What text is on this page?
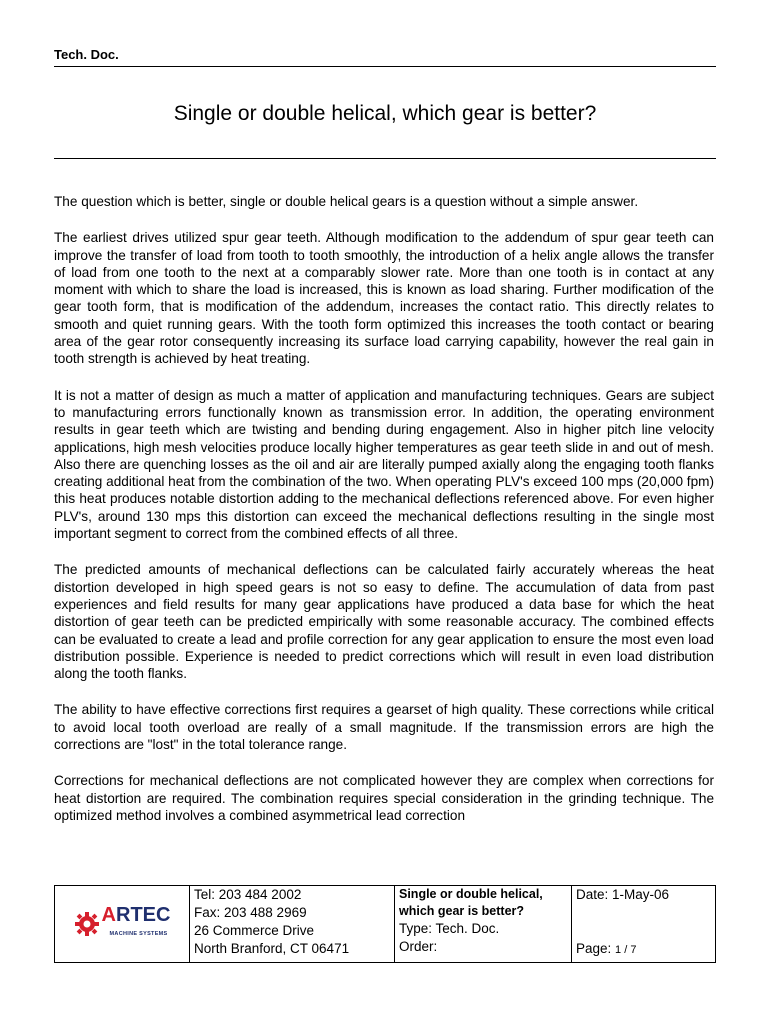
Tech. Doc.
Single or double helical, which gear is better?

The question which is better, single or double helical gears is a question without a simple answer.

The earliest drives utilized spur gear teeth. Although modification to the addendum of spur gear teeth can improve the transfer of load from tooth to tooth smoothly, the introduction of a helix angle allows the transfer of load from one tooth to the next at a comparably slower rate. More than one tooth is in contact at any moment with which to share the load is increased, this is known as load sharing. Further modification of the gear tooth form, that is modification of the addendum, increases the contact ratio. This directly relates to smooth and quiet running gears. With the tooth form optimized this increases the tooth contact or bearing area of the gear rotor consequently increasing its surface load carrying capability, however the real gain in tooth strength is achieved by heat treating.

It is not a matter of design as much a matter of application and manufacturing techniques. Gears are subject to manufacturing errors functionally known as transmission error. In addition, the operating environment results in gear teeth which are twisting and bending during engagement. Also in higher pitch line velocity applications, high mesh velocities produce locally higher temperatures as gear teeth slide in and out of mesh. Also there are quenching losses as the oil and air are literally pumped axially along the engaging tooth flanks creating additional heat from the combination of the two. When operating PLV's exceed 100 mps (20,000 fpm) this heat produces notable distortion adding to the mechanical deflections referenced above. For even higher PLV's, around 130 mps this distortion can exceed the mechanical deflections resulting in the single most important segment to correct from the combined effects of all three.

The predicted amounts of mechanical deflections can be calculated fairly accurately whereas the heat distortion developed in high speed gears is not so easy to define. The accumulation of data from past experiences and field results for many gear applications have produced a data base for which the heat distortion of gear teeth can be predicted empirically with some reasonable accuracy. The combined effects can be evaluated to create a lead and profile correction for any gear application to ensure the most even load distribution possible. Experience is needed to predict corrections which will result in even load distribution along the tooth flanks.

The ability to have effective corrections first requires a gearset of high quality. These corrections while critical to avoid local tooth overload are really of a small magnitude. If the transmission errors are high the corrections are "lost" in the total tolerance range.

Corrections for mechanical deflections are not complicated however they are complex when corrections for heat distortion are required. The combination requires special consideration in the grinding technique. The optimized method involves a combined asymmetrical lead correction

ARTEC
MACHINE SYSTEMS

Tel: 203 484 2002
Fax: 203 488 2969
26 Commerce Drive
North Branford, CT 06471

Single or double helical, which gear is better?
Type: Tech. Doc.
Order:

Date: 1-May-06
Page: 1 / 7
